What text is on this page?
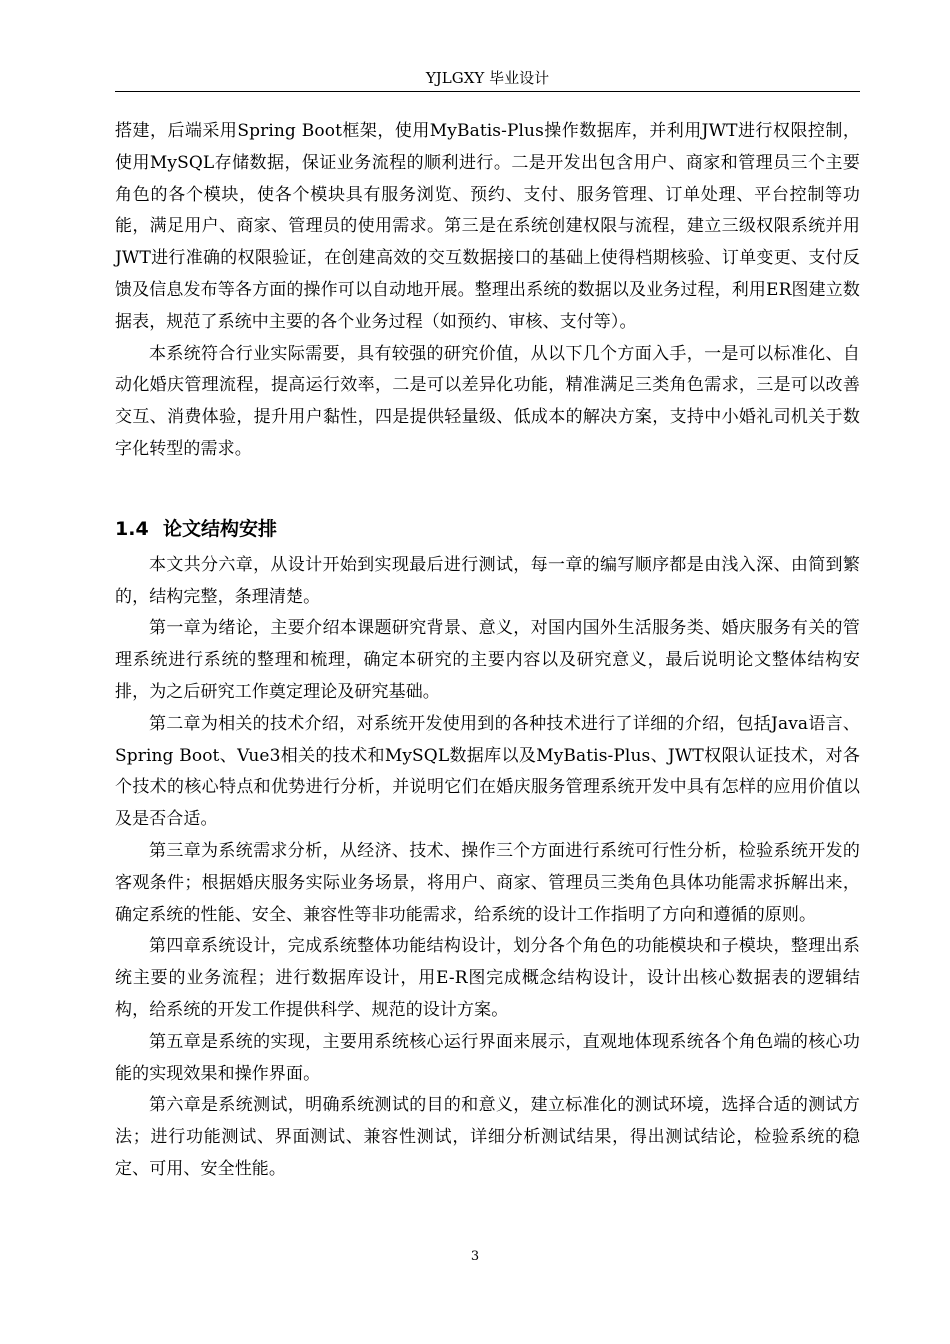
YJLGXY 毕业设计

搭建，后端采用Spring Boot框架，使用MyBatis-Plus操作数据库，并利用JWT进行权限控制，使用MySQL存储数据，保证业务流程的顺利进行。二是开发出包含用户、商家和管理员三个主要角色的各个模块，使各个模块具有服务浏览、预约、支付、服务管理、订单处理、平台控制等功能，满足用户、商家、管理员的使用需求。第三是在系统创建权限与流程，建立三级权限系统并用JWT进行准确的权限验证，在创建高效的交互数据接口的基础上使得档期核验、订单变更、支付反馈及信息发布等各方面的操作可以自动地开展。整理出系统的数据以及业务过程，利用ER图建立数据表，规范了系统中主要的各个业务过程（如预约、审核、支付等）。

本系统符合行业实际需要，具有较强的研究价值，从以下几个方面入手，一是可以标准化、自动化婚庆管理流程，提高运行效率，二是可以差异化功能，精准满足三类角色需求，三是可以改善交互、消费体验，提升用户黏性，四是提供轻量级、低成本的解决方案，支持中小婚礼司机关于数字化转型的需求。

1.4 论文结构安排

本文共分六章，从设计开始到实现最后进行测试，每一章的编写顺序都是由浅入深、由简到繁的，结构完整，条理清楚。

第一章为绪论，主要介绍本课题研究背景、意义，对国内国外生活服务类、婚庆服务有关的管理系统进行系统的整理和梳理，确定本研究的主要内容以及研究意义，最后说明论文整体结构安排，为之后研究工作奠定理论及研究基础。

第二章为相关的技术介绍，对系统开发使用到的各种技术进行了详细的介绍，包括Java语言、Spring Boot、Vue3相关的技术和MySQL数据库以及MyBatis-Plus、JWT权限认证技术，对各个技术的核心特点和优势进行分析，并说明它们在婚庆服务管理系统开发中具有怎样的应用价值以及是否合适。

第三章为系统需求分析，从经济、技术、操作三个方面进行系统可行性分析，检验系统开发的客观条件；根据婚庆服务实际业务场景，将用户、商家、管理员三类角色具体功能需求拆解出来，确定系统的性能、安全、兼容性等非功能需求，给系统的设计工作指明了方向和遵循的原则。

第四章系统设计，完成系统整体功能结构设计，划分各个角色的功能模块和子模块，整理出系统主要的业务流程；进行数据库设计，用E-R图完成概念结构设计，设计出核心数据表的逻辑结构，给系统的开发工作提供科学、规范的设计方案。

第五章是系统的实现，主要用系统核心运行界面来展示，直观地体现系统各个角色端的核心功能的实现效果和操作界面。

第六章是系统测试，明确系统测试的目的和意义，建立标准化的测试环境，选择合适的测试方法；进行功能测试、界面测试、兼容性测试，详细分析测试结果，得出测试结论，检验系统的稳定、可用、安全性能。

3
